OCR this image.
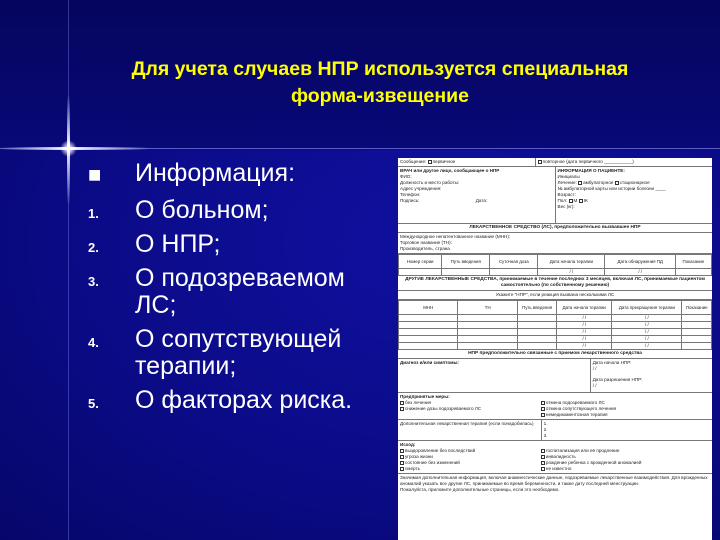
Для учета случаев НПР используется специальная форма-извещение
■	Информация:
1.	О больном;
2.	О НПР;
3.	О подозреваемом ЛС;
4.	О сопутствующей терапии;
5.	О факторах риска.
Сообщение: первичное	повторное (дата первичного ___________)
ВРАЧ или другое лицо, сообщающее о НПР
ФИО:
Должность и место работы:
Адрес учреждения:
Телефон:
Подпись:	Дата:
ИНФОРМАЦИЯ О ПАЦИЕНТЕ:
Инициалы
Лечение: амбулаторное стационарное
№ амбулаторной карты или истории болезни ____
Возраст:
Пол: М Ж
Вес (кг):
ЛЕКАРСТВЕННОЕ СРЕДСТВО (ЛС), предположительно вызвавшее НПР
Международное непатентованное название (МНН):
Торговое название (ТН):
Производитель, страна
Номер серии	Путь введения	Суточная доза	Дата начала терапии	Дата обнаружения ПД	Показание
			/ /	/ /	
ДРУГИЕ ЛЕКАРСТВЕННЫЕ СРЕДСТВА, принимаемые в течение последних 3 месяцев, включая ЛС, принимаемые пациентом самостоятельно (по собственному решению)
Укажите "НПР", если реакция вызвана несколькими ЛС
МНН	ТН	Путь введения	Дата начала терапии	Дата прекращения терапии	Показание
			/ /	/ /	
			/ /	/ /	
			/ /	/ /	
			/ /	/ /	
			/ /	/ /	
НПР предположительно связанные с приемом лекарственного средства
Диагноз и/или симптомы:	Дата начала НПР:
/ /
Дата разрешения НПР:
/ /
Предпринятые меры:
без лечения
снижение дозы подозреваемого ЛС
отмена подозреваемого ЛС
отмена сопутствующего лечения
немедикаментозная терапия
Дополнительная лекарственная терапия (если понадобилась)	1.
2.
3.
Исход:
выздоровление без последствий
угроза жизни
состояние без изменений
смерть
госпитализация или её продление
инвалидность
рождение ребенка с врожденной аномалией
не известно
Значимая дополнительная информация, включая анамнестические данные, подозреваемые лекарственные взаимодействия. Для врожденных аномалий указать все другие ЛС, принимаемые во время беременности, и также дату последней менструации.
Пожалуйста, приложите дополнительные страницы, если это необходимо.
